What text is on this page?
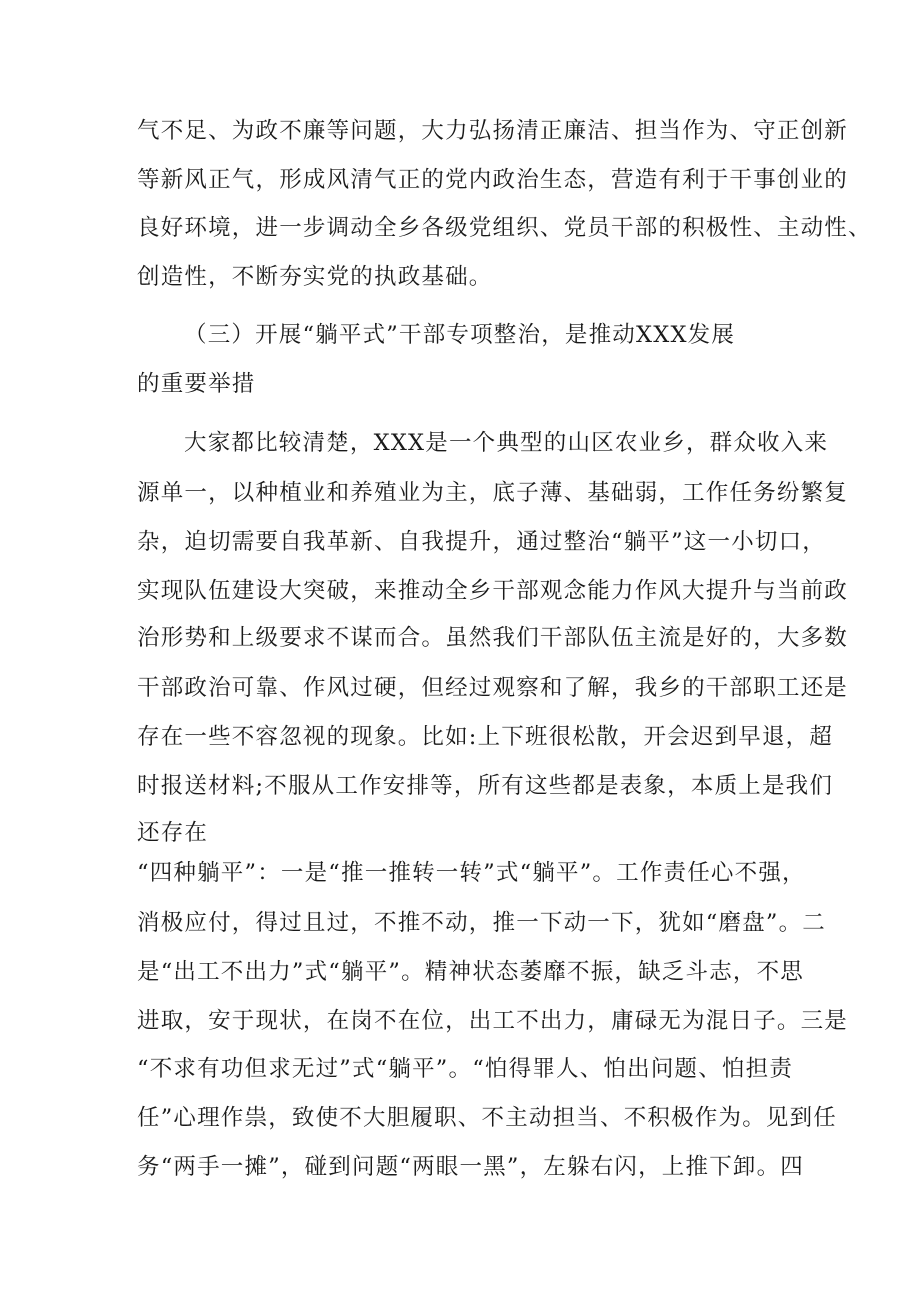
气不足、为政不廉等问题，大力弘扬清正廉洁、担当作为、守正创新
等新风正气，形成风清气正的党内政治生态，营造有利于干事创业的
良好环境，进一步调动全乡各级党组织、党员干部的积极性、主动性、
创造性，不断夯实党的执政基础。
（三）开展“躺平式”干部专项整治，是推动XXX发展
的重要举措
大家都比较清楚，XXX是一个典型的山区农业乡，群众收入来
源单一，以种植业和养殖业为主，底子薄、基础弱，工作任务纷繁复
杂，迫切需要自我革新、自我提升，通过整治“躺平”这一小切口，
实现队伍建设大突破，来推动全乡干部观念能力作风大提升与当前政
治形势和上级要求不谋而合。虽然我们干部队伍主流是好的，大多数
干部政治可靠、作风过硬，但经过观察和了解，我乡的干部职工还是
存在一些不容忽视的现象。比如:上下班很松散，开会迟到早退，超
时报送材料;不服从工作安排等，所有这些都是表象，本质上是我们
还存在
“四种躺平”：一是“推一推转一转”式“躺平”。工作责任心不强，
消极应付，得过且过，不推不动，推一下动一下，犹如“磨盘”。二
是“出工不出力”式“躺平”。精神状态萎靡不振，缺乏斗志，不思
进取，安于现状，在岗不在位，出工不出力，庸碌无为混日子。三是
“不求有功但求无过”式“躺平”。“怕得罪人、怕出问题、怕担责
任”心理作祟，致使不大胆履职、不主动担当、不积极作为。见到任
务“两手一摊”，碰到问题“两眼一黑”，左躲右闪，上推下卸。四
